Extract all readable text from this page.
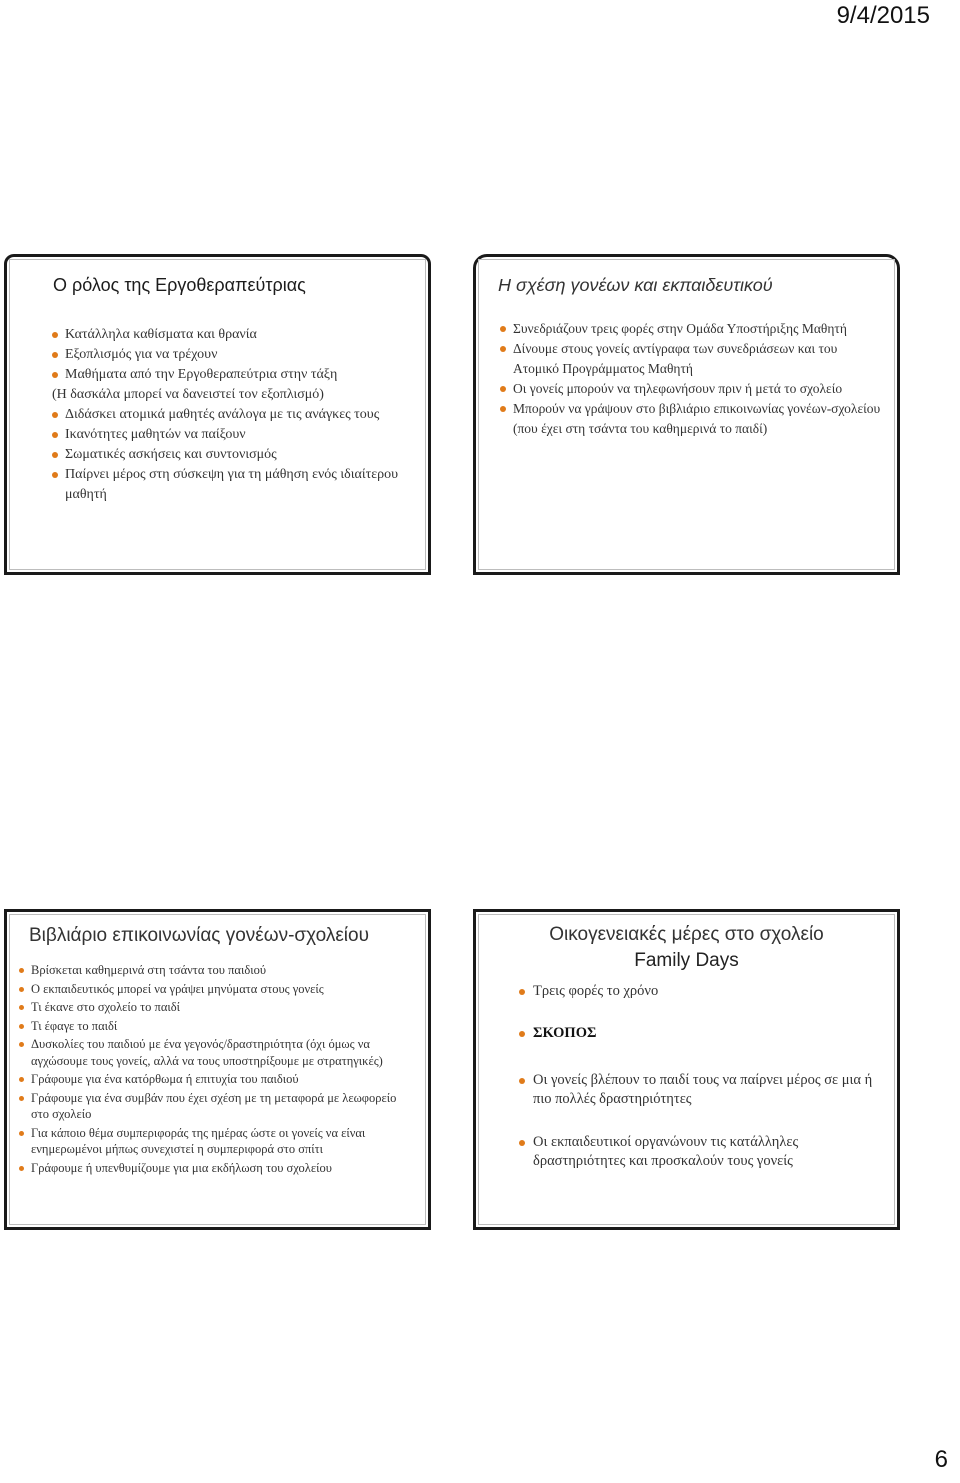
9/4/2015
Ο ρόλος της Εργοθεραπεύτριας
Κατάλληλα καθίσματα και θρανία
Εξοπλισμός για να τρέχουν
Μαθήματα από την Εργοθεραπεύτρια στην τάξη
(Η δασκάλα μπορεί να δανειστεί τον εξοπλισμό)
Διδάσκει ατομικά μαθητές ανάλογα με τις ανάγκες τους
Ικανότητες μαθητών να παίξουν
Σωματικές ασκήσεις και συντονισμός
Παίρνει μέρος στη σύσκεψη για τη μάθηση ενός ιδιαίτερου μαθητή
Η σχέση γονέων και εκπαιδευτικού
Συνεδριάζουν τρεις φορές στην Ομάδα Υποστήριξης Μαθητή
Δίνουμε στους γονείς αντίγραφα των συνεδριάσεων και του Ατομικό Προγράμματος Μαθητή
Οι γονείς μπορούν να τηλεφωνήσουν πριν ή μετά το σχολείο
Μπορούν να γράψουν στο βιβλιάριο επικοινωνίας γονέων-σχολείου (που έχει στη τσάντα του καθημερινά το παιδί)
Βιβλιάριο επικοινωνίας γονέων-σχολείου
Βρίσκεται καθημερινά στη τσάντα του παιδιού
Ο εκπαιδευτικός μπορεί να γράψει μηνύματα στους γονείς
Τι έκανε στο σχολείο το παιδί
Τι έφαγε το παιδί
Δυσκολίες του παιδιού με ένα γεγονός/δραστηριότητα (όχι όμως να αγχώσουμε τους γονείς, αλλά να τους υποστηρίξουμε με στρατηγικές)
Γράφουμε για ένα κατόρθωμα ή επιτυχία του παιδιού
Γράφουμε για ένα συμβάν που έχει σχέση με τη μεταφορά με λεωφορείο στο σχολείο
Για κάποιο θέμα συμπεριφοράς της ημέρας ώστε οι γονείς να είναι ενημερωμένοι μήπως συνεχιστεί η συμπεριφορά στο σπίτι
Γράφουμε ή υπενθυμίζουμε για μια εκδήλωση του σχολείου
Οικογενειακές μέρες στο σχολείο
Family Days
Τρεις φορές το χρόνο
ΣΚΟΠΟΣ
Οι γονείς βλέπουν το παιδί τους να παίρνει μέρος σε μια ή πιο πολλές δραστηριότητες
Οι εκπαιδευτικοί οργανώνουν τις κατάλληλες δραστηριότητες και προσκαλούν τους γονείς
6
